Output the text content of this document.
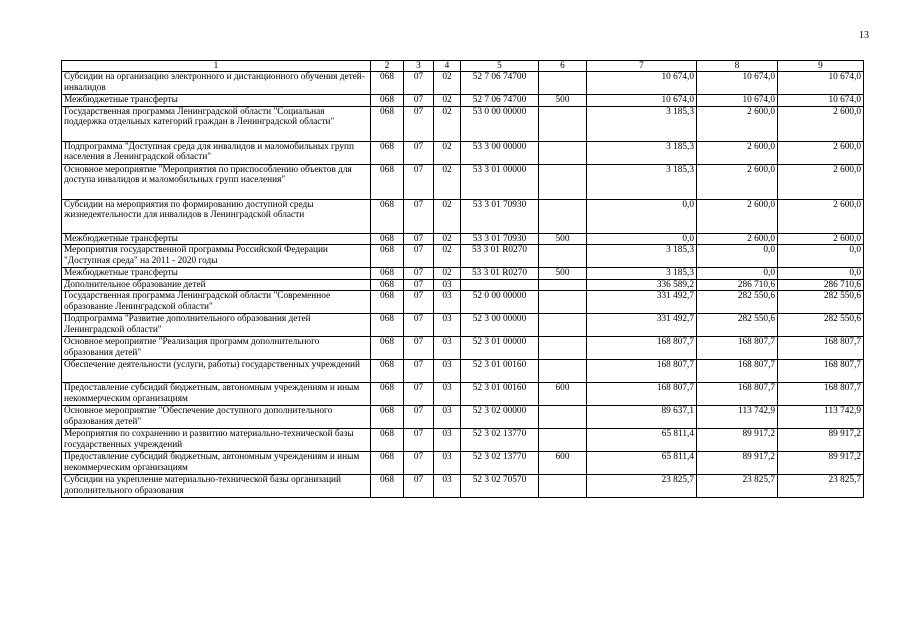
13
1	2	3	4	5	6	7	8	9
Субсидии на организацию электронного и дистанционного обучения детей-инвалидов	068	07	02	52 7 06 74700		10 674,0	10 674,0	10 674,0
Межбюджетные трансферты	068	07	02	52 7 06 74700	500	10 674,0	10 674,0	10 674,0
Государственная программа Ленинградской области "Социальная поддержка отдельных категорий граждан в Ленинградской области"	068	07	02	53 0 00 00000		3 185,3	2 600,0	2 600,0
Подпрограмма "Доступная среда для инвалидов и маломобильных групп населения в Ленинградской области"	068	07	02	53 3 00 00000		3 185,3	2 600,0	2 600,0
Основное мероприятие "Мероприятия по приспособлению объектов для доступа инвалидов и маломобильных групп населения"	068	07	02	53 3 01 00000		3 185,3	2 600,0	2 600,0
Субсидии на мероприятия по формированию доступной среды жизнедеятельности для инвалидов в Ленинградской области	068	07	02	53 3 01 70930		0,0	2 600,0	2 600,0
Межбюджетные трансферты	068	07	02	53 3 01 70930	500	0,0	2 600,0	2 600,0
Мероприятия государственной программы Российской Федерации "Доступная среда" на 2011 - 2020 годы	068	07	02	53 3 01 R0270		3 185,3	0,0	0,0
Межбюджетные трансферты	068	07	02	53 3 01 R0270	500	3 185,3	0,0	0,0
Дополнительное образование детей	068	07	03			336 589,2	286 710,6	286 710,6
Государственная программа Ленинградской области "Современное образование Ленинградской области"	068	07	03	52 0 00 00000		331 492,7	282 550,6	282 550,6
Подпрограмма "Развитие дополнительного образования детей Ленинградской области"	068	07	03	52 3 00 00000		331 492,7	282 550,6	282 550,6
Основное мероприятие "Реализация программ дополнительного образования детей"	068	07	03	52 3 01 00000		168 807,7	168 807,7	168 807,7
Обеспечение деятельности (услуги, работы) государственных учреждений	068	07	03	52 3 01 00160		168 807,7	168 807,7	168 807,7
Предоставление субсидий бюджетным, автономным учреждениям и иным некоммерческим организациям	068	07	03	52 3 01 00160	600	168 807,7	168 807,7	168 807,7
Основное мероприятие "Обеспечение доступного дополнительного образования детей"	068	07	03	52 3 02 00000		89 637,1	113 742,9	113 742,9
Мероприятия по сохранению и развитию материально-технической базы государственных учреждений	068	07	03	52 3 02 13770		65 811,4	89 917,2	89 917,2
Предоставление субсидий бюджетным, автономным учреждениям и иным некоммерческим организациям	068	07	03	52 3 02 13770	600	65 811,4	89 917,2	89 917,2
Субсидии на укрепление материально-технической базы организаций дополнительного образования	068	07	03	52 3 02 70570		23 825,7	23 825,7	23 825,7
